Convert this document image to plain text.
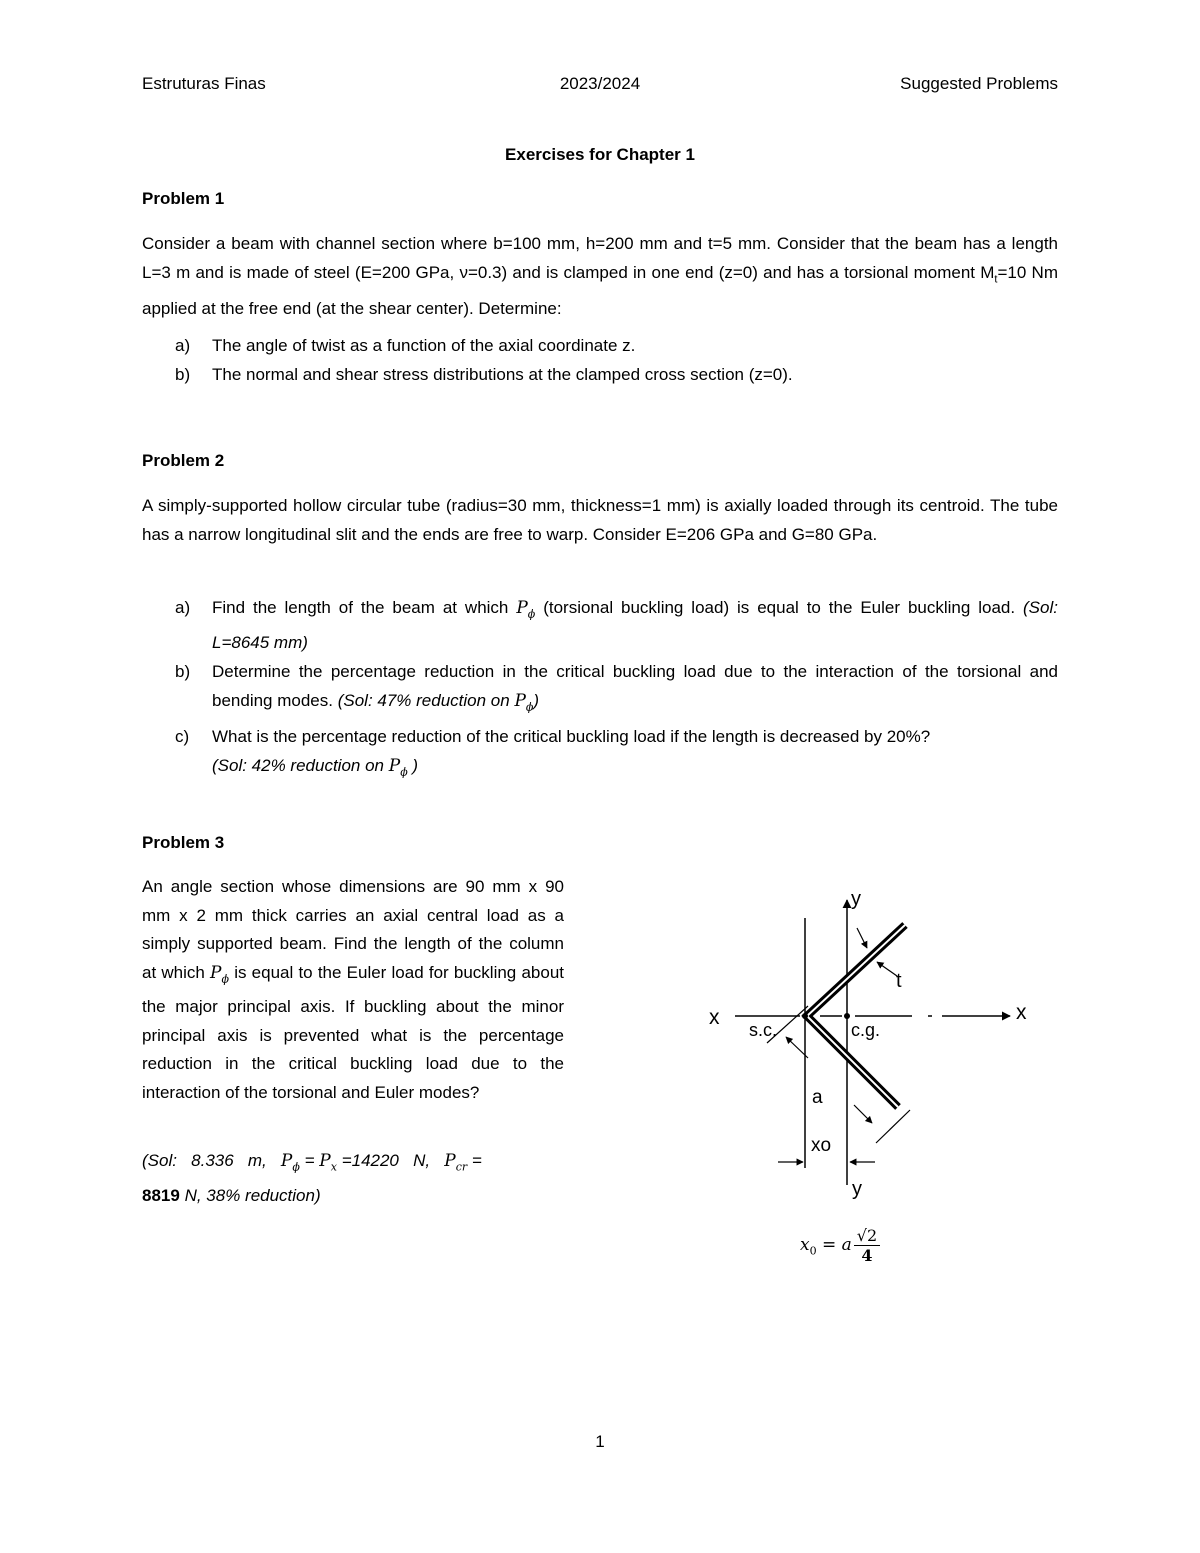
Estruturas Finas	2023/2024	Suggested Problems
Exercises for Chapter 1
Problem 1
Consider a beam with channel section where b=100 mm, h=200 mm and t=5 mm. Consider that the beam has a length L=3 m and is made of steel (E=200 GPa, ν=0.3) and is clamped in one end (z=0) and has a torsional moment $M_t=10$ Nm applied at the free end (at the shear center). Determine:
a) The angle of twist as a function of the axial coordinate z.
b) The normal and shear stress distributions at the clamped cross section (z=0).
Problem 2
A simply-supported hollow circular tube (radius=30 mm, thickness=1 mm) is axially loaded through its centroid. The tube has a narrow longitudinal slit and the ends are free to warp. Consider E=206 GPa and G=80 GPa.
a) Find the length of the beam at which $P_\phi$ (torsional buckling load) is equal to the Euler buckling load. (Sol: L=8645 mm)
b) Determine the percentage reduction in the critical buckling load due to the interaction of the torsional and bending modes. (Sol: 47% reduction on $P_\phi$)
c) What is the percentage reduction of the critical buckling load if the length is decreased by 20%?
(Sol: 42% reduction on $P_\phi$ )
Problem 3
An angle section whose dimensions are 90 mm x 90 mm x 2 mm thick carries an axial central load as a simply supported beam. Find the length of the column at which $P_\phi$ is equal to the Euler load for buckling about the major principal axis. If buckling about the minor principal axis is prevented what is the percentage reduction in the critical buckling load due to the interaction of the torsional and Euler modes?
(Sol: 8.336 m, $P_\phi = P_x =14220$ N, $P_{cr}$ =
8819 N, 38% reduction)
y
y
x	x
t
s.c.	c.g.
a
xo
$x_0 = a \frac{√2}{4}$
1
